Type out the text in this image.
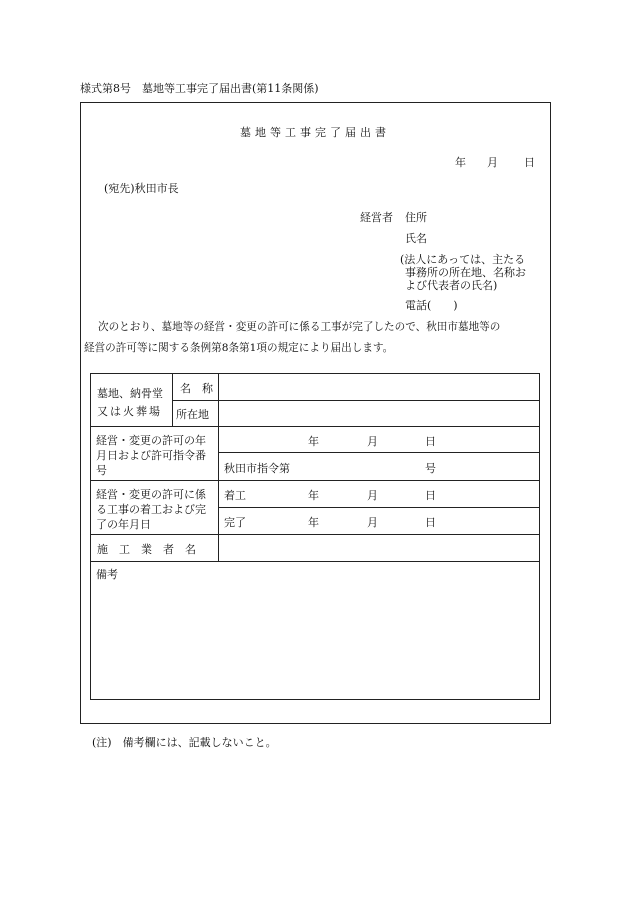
様式第8号　墓地等工事完了届出書(第11条関係)
墓地等工事完了届出書
年 月 日
(宛先)秋田市長
経営者 住所
氏名
(法人にあっては、主たる
事務所の所在地、名称お
よび代表者の氏名)
電話(　　)
次のとおり、墓地等の経営・変更の許可に係る工事が完了したので、秋田市墓地等の
経営の許可等に関する条例第8条第1項の規定により届出します。
墓地、納骨堂
又は火葬場
名　称
所在地
経営・変更の許可の年
月日および許可指令番
号
年	月	日
秋田市指令第	号
経営・変更の許可に係
る工事の着工および完
了の年月日
着工	年	月	日
完了	年	月	日
施　工　業　者　名
備考
(注)　備考欄には、記載しないこと。
